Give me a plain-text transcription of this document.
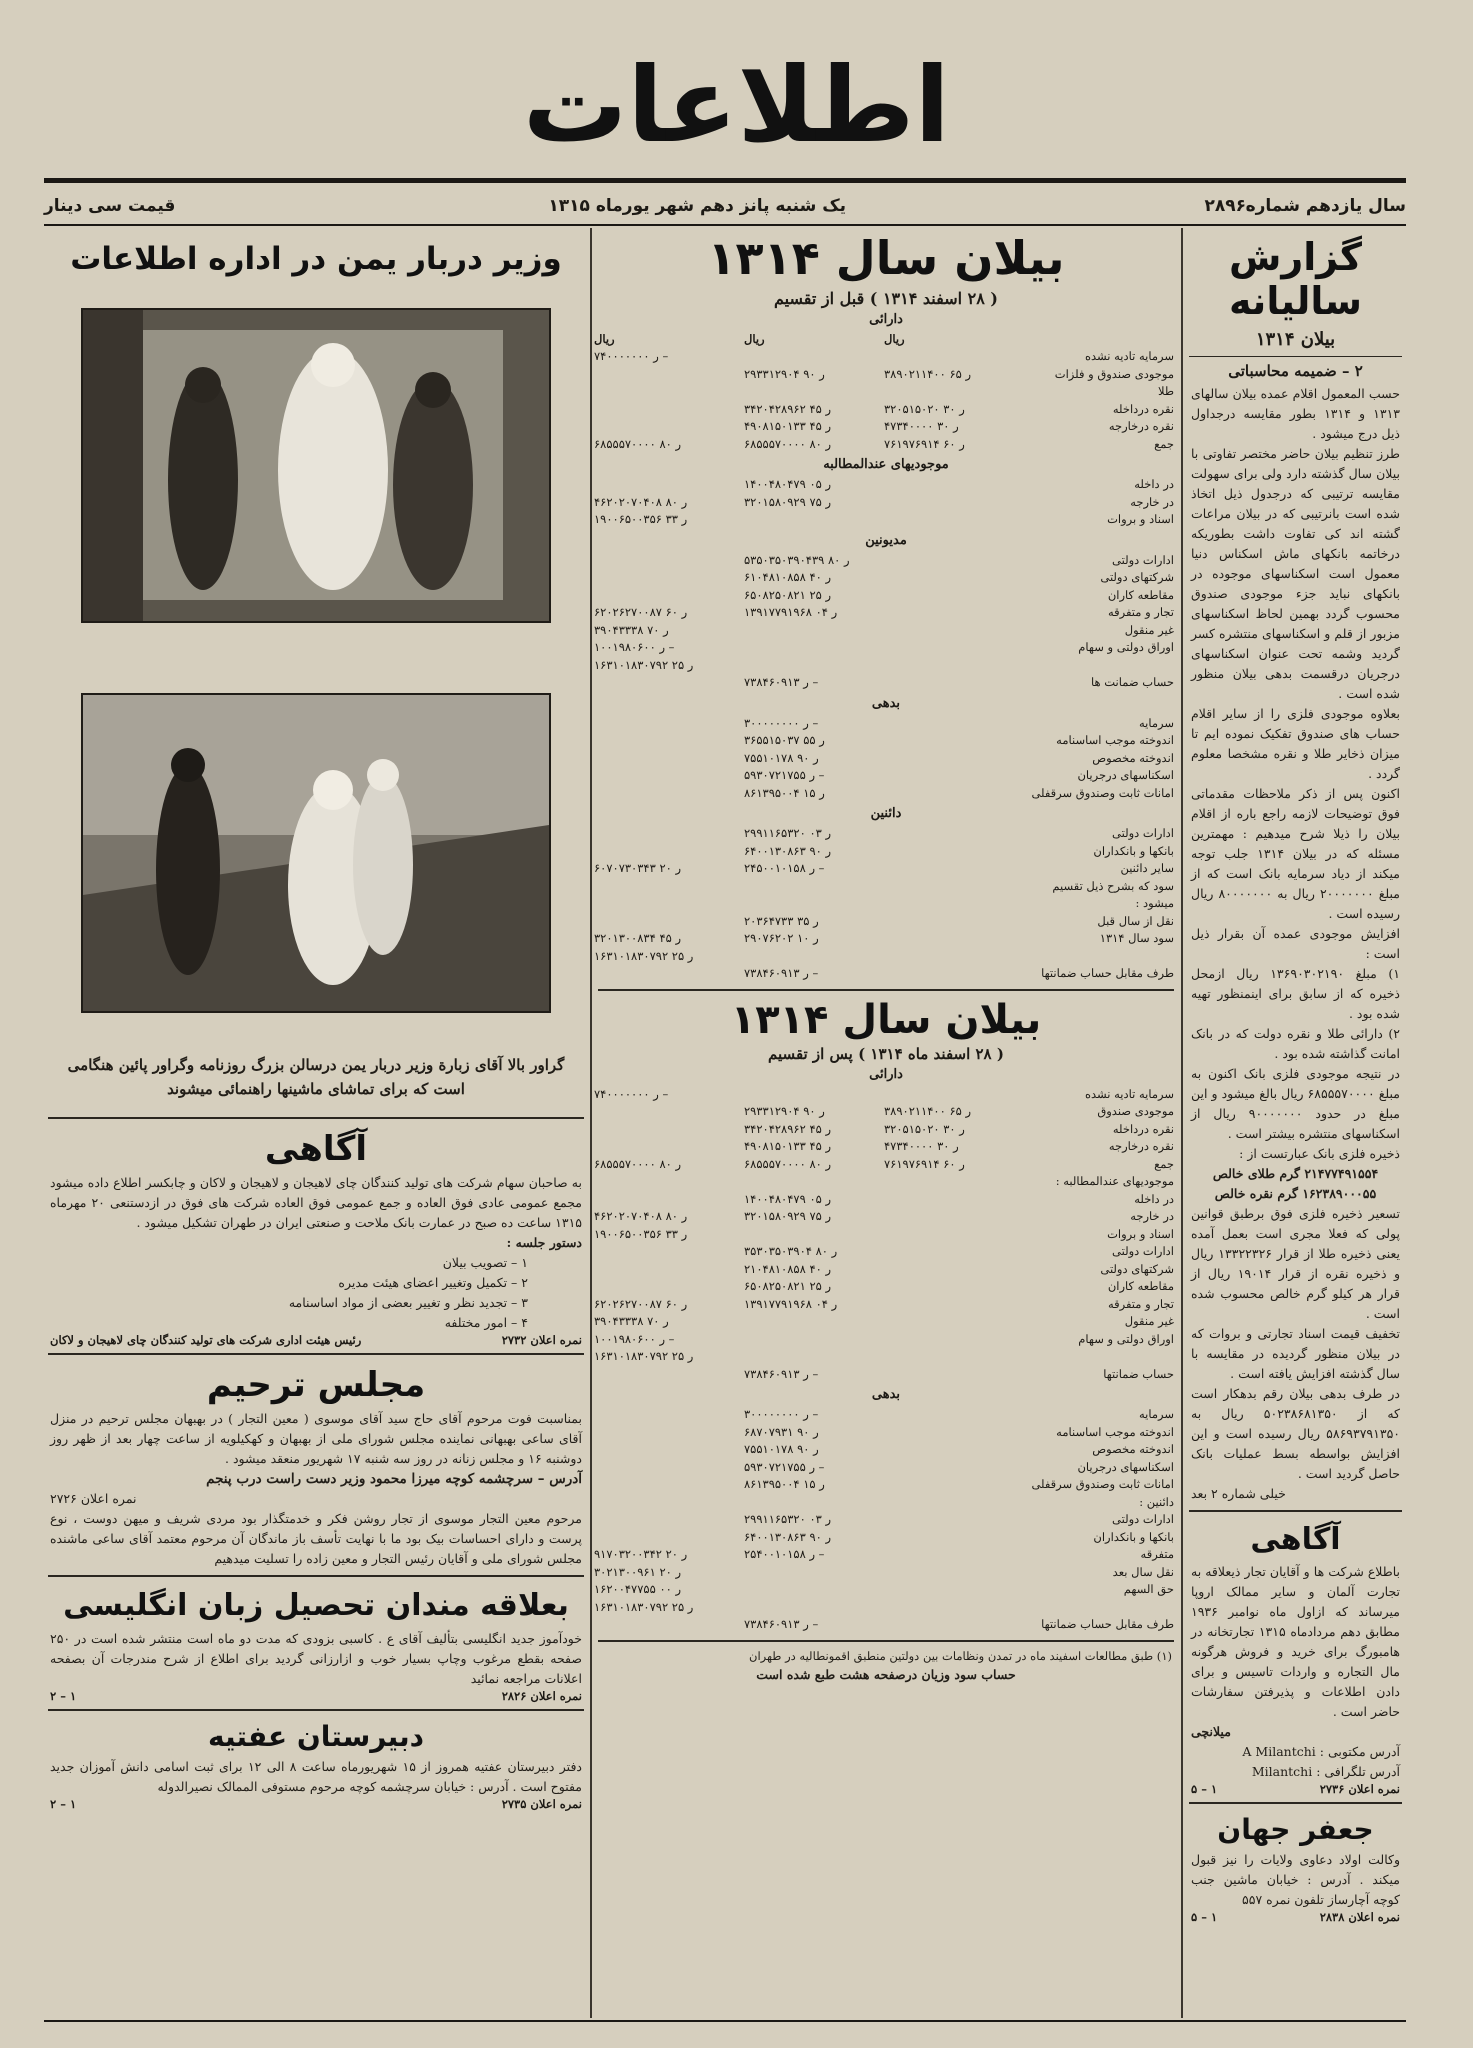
اطلاعات
سال یازدهم شماره
۲۸۹۶
یک شنبه پانز دهم شهر یورماه ۱۳۱۵
قیمت سی دینار
گزارش سالیانه
بیلان ۱۳۱۴
۲ – ضمیمه محاسباتی
حسب المعمول اقلام عمده بیلان سالهای ۱۳۱۳ و ۱۳۱۴ بطور مقایسه درجداول ذیل درج میشود .
طرز تنظیم بیلان حاضر مختصر تفاوتی با بیلان سال گذشته دارد ولی برای سهولت مقایسه ترتیبی که درجدول ذیل اتخاذ شده است بانرتیبی که در بیلان مراعات گشته اند کی تفاوت داشت بطوریکه درخاتمه بانکهای ماش اسکناس دنیا معمول است اسکناسهای موجوده در بانکهای نباید جزء موجودی صندوق محسوب گردد بهمین لحاظ اسکناسهای مزبور از قلم و اسکناسهای منتشره کسر گردید وشمه تحت عنوان اسکناسهای درجریان درقسمت بدهی بیلان منظور شده است .
بعلاوه موجودی فلزی را از سایر اقلام حساب های صندوق تفکیک نموده ایم تا میزان ذخایر طلا و نقره مشخصا معلوم گردد .
اکنون پس از ذکر ملاحظات مقدماتی فوق توضیحات لازمه راجع باره از اقلام بیلان را ذیلا شرح میدهیم : مهمترین مسئله که در بیلان ۱۳۱۴ جلب توجه میکند از دیاد سرمایه بانک است که از مبلغ ۲۰۰۰۰۰۰۰ ریال به ۸۰۰۰۰۰۰۰ ریال رسیده است .
افزایش موجودی عمده آن بقرار ذیل است :
۱) مبلغ ۱۳۶۹۰۳۰۲۱۹۰ ریال ازمحل ذخیره که از سابق برای اینمنظور تهیه شده بود .
۲) دارائی طلا و نقره دولت که در بانک امانت گذاشته شده بود .
در نتیجه موجودی فلزی بانک اکنون به مبلغ ۶۸۵۵۵۷۰۰۰۰ ریال بالغ میشود و این مبلغ در حدود ۹۰۰۰۰۰۰۰ ریال از اسکناسهای منتشره بیشتر است .
ذخیره فلزی بانک عبارتست از :
۲۱۴۷۷۴۹۱۵۵۴ گرم طلای خالص
۱۶۲۳۸۹۰۰۰۵۵ گرم نقره خالص
تسعیر ذخیره فلزی فوق برطبق قوانین پولی که فعلا مجری است بعمل آمده یعنی ذخیره طلا از قرار ۱۳۳۲۲۳۲۶ ریال و ذخیره نقره از قرار ۱۹۰۱۴ ریال از قرار هر کیلو گرم خالص محسوب شده است .
تخفیف قیمت اسناد تجارتی و بروات که در بیلان منظور گردیده در مقایسه با سال گذشته افزایش یافته است .
در طرف بدهی بیلان رقم بدهکار است که از ۵۰۲۳۸۶۸۱۳۵۰ ریال به ۵۸۶۹۳۷۹۱۳۵۰ ریال رسیده است و این افزایش بواسطه بسط عملیات بانک حاصل گردید است .
خیلی شماره ۲ بعد
آگاهی
باطلاع شرکت ها و آقایان تجار ذیعلاقه به تجارت آلمان و سایر ممالک اروپا میرساند که ازاول ماه نوامبر ۱۹۳۶ مطابق دهم مردادماه ۱۳۱۵ تجارتخانه در هامبورگ برای خرید و فروش هرگونه مال التجاره و واردات تاسیس و برای دادن اطلاعات و پذیرفتن سفارشات حاضر است .
میلانچی
آدرس مکتوبی : A Milantchi
آدرس تلگرافی : Milantchi
نمره اعلان ۲۷۳۶
۱ – ۵
جعفر جهان
وکالت اولاد دعاوی ولایات را نیز قبول میکند . آدرس : خیابان ماشین جنب کوچه آچارساز تلفون نمره ۵۵۷
نمره اعلان ۲۸۳۸
۱ – ۵
بیلان سال ۱۳۱۴
( ۲۸ اسفند ۱۳۱۴ ) قبل از تقسیم
دارائی
ریال
ریال
ریال
سرمایه تادیه نشده
۷۴۰۰۰۰۰۰۰ ر –
موجودی صندوق و فلزات
۳۸۹۰۲۱۱۴۰۰ ر ۶۵
۲۹۳۳۱۲۹۰۴ ر ۹۰
طلا
نقره درداخله
۳۲۰۵۱۵۰۲۰ ر ۳۰
۳۴۲۰۴۲۸۹۶۲ ر ۴۵
نقره درخارجه
۴۷۳۴۰۰۰۰ ر ۳۰
۴۹۰۸۱۵۰۱۳۳ ر ۴۵
جمع
۷۶۱۹۷۶۹۱۴ ر ۶۰
۶۸۵۵۵۷۰۰۰۰ ر ۸۰
۶۸۵۵۵۷۰۰۰۰ ر ۸۰
موجودیهای عندالمطالبه
در داخله
۱۴۰۰۴۸۰۴۷۹ ر ۰۵
در خارجه
۳۲۰۱۵۸۰۹۲۹ ر ۷۵
۴۶۲۰۲۰۷۰۴۰۸ ر ۸۰
اسناد و بروات
۱۹۰۰۶۵۰۰۳۵۶ ر ۳۳
مدیونین
ادارات دولتی
۵۳۵۰۳۵۰۳۹۰۴۳۹ ر ۸۰
شرکتهای دولتی
۶۱۰۴۸۱۰۸۵۸ ر ۴۰
مقاطعه کاران
۶۵۰۸۲۵۰۸۲۱ ر ۲۵
تجار و متفرقه
۱۳۹۱۷۷۹۱۹۶۸ ر ۰۴
۶۲۰۲۶۲۷۰۰۸۷ ر ۶۰
غیر منقول
۳۹۰۴۳۳۳۸ ر ۷۰
اوراق دولتی و سهام
۱۰۰۱۹۸۰۶۰۰ ر –
۱۶۳۱۰۱۸۳۰۷۹۲ ر ۲۵
حساب ضمانت ها
۷۳۸۴۶۰۹۱۳ ر –
بدهی
سرمایه
۳۰۰۰۰۰۰۰۰ ر –
اندوخته موجب اساسنامه
۳۶۵۵۱۵۰۳۷ ر ۵۵
اندوخته مخصوص
۷۵۵۱۰۱۷۸ ر ۹۰
اسکناسهای درجریان
۵۹۳۰۷۲۱۷۵۵ ر –
امانات ثابت وصندوق سرقفلی
۸۶۱۳۹۵۰۰۴ ر ۱۵
دائنین
ادارات دولتی
۲۹۹۱۱۶۵۳۲۰ ر ۰۳
بانکها و بانکداران
۶۴۰۰۱۳۰۸۶۳ ر ۹۰
سایر دائنین
۲۴۵۰۰۱۰۱۵۸ ر –
۶۰۷۰۷۳۰۳۴۳ ر ۲۰
سود که بشرح ذیل تقسیم میشود :
نقل از سال قبل
۲۰۳۶۴۷۳۳ ر ۳۵
سود سال ۱۳۱۴
۲۹۰۷۶۲۰۲ ر ۱۰
۳۲۰۱۳۰۰۸۳۴ ر ۴۵
۱۶۳۱۰۱۸۳۰۷۹۲ ر ۲۵
طرف مقابل حساب ضمانتها
۷۳۸۴۶۰۹۱۳ ر –
بیلان سال ۱۳۱۴
( ۲۸ اسفند ماه ۱۳۱۴ ) پس از تقسیم
دارائی
سرمایه تادیه نشده
۷۴۰۰۰۰۰۰۰ ر –
موجودی صندوق
۳۸۹۰۲۱۱۴۰۰ ر ۶۵
۲۹۳۳۱۲۹۰۴ ر ۹۰
نقره درداخله
۳۲۰۵۱۵۰۲۰ ر ۳۰
۳۴۲۰۴۲۸۹۶۲ ر ۴۵
نقره درخارجه
۴۷۳۴۰۰۰۰ ر ۳۰
۴۹۰۸۱۵۰۱۳۳ ر ۴۵
جمع
۷۶۱۹۷۶۹۱۴ ر ۶۰
۶۸۵۵۵۷۰۰۰۰ ر ۸۰
۶۸۵۵۵۷۰۰۰۰ ر ۸۰
موجودیهای عندالمطالبه :
در داخله
۱۴۰۰۴۸۰۴۷۹ ر ۰۵
در خارجه
۳۲۰۱۵۸۰۹۲۹ ر ۷۵
۴۶۲۰۲۰۷۰۴۰۸ ر ۸۰
اسناد و بروات
۱۹۰۰۶۵۰۰۳۵۶ ر ۳۳
ادارات دولتی
۳۵۳۰۳۵۰۳۹۰۴ ر ۸۰
شرکتهای دولتی
۲۱۰۴۸۱۰۸۵۸ ر ۴۰
مقاطعه کاران
۶۵۰۸۲۵۰۸۲۱ ر ۲۵
تجار و متفرقه
۱۳۹۱۷۷۹۱۹۶۸ ر ۰۴
۶۲۰۲۶۲۷۰۰۸۷ ر ۶۰
غیر منقول
۳۹۰۴۳۳۳۸ ر ۷۰
اوراق دولتی و سهام
۱۰۰۱۹۸۰۶۰۰ ر –
۱۶۳۱۰۱۸۳۰۷۹۲ ر ۲۵
حساب ضمانتها
۷۳۸۴۶۰۹۱۳ ر –
بدهی
سرمایه
۳۰۰۰۰۰۰۰۰ ر –
اندوخته موجب اساسنامه
۶۸۷۰۷۹۳۱ ر ۹۰
اندوخته مخصوص
۷۵۵۱۰۱۷۸ ر ۹۰
اسکناسهای درجریان
۵۹۳۰۷۲۱۷۵۵ ر –
امانات ثابت وصندوق سرقفلی
۸۶۱۳۹۵۰۰۴ ر ۱۵
دائنین :
ادارات دولتی
۲۹۹۱۱۶۵۳۲۰ ر ۰۳
بانکها و بانکداران
۶۴۰۰۱۳۰۸۶۳ ر ۹۰
متفرقه
۲۵۴۰۰۱۰۱۵۸ ر –
۹۱۷۰۳۲۰۰۳۴۲ ر ۲۰
نقل سال بعد
۳۰۲۱۳۰۰۹۶۱ ر ۲۰
حق السهم
۱۶۲۰۰۴۷۷۵۵ ر ۰۰
۱۶۳۱۰۱۸۳۰۷۹۲ ر ۲۵
طرف مقابل حساب ضمانتها
۷۳۸۴۶۰۹۱۳ ر –
(۱) طبق مطالعات اسفیند ماه در تمدن ونظامات بین دولتین منطبق اقمونطالیه در طهران
حساب سود وزیان درصفحه هشت طبع شده است
وزیر دربار یمن در اداره اطلاعات
گراور بالا آقای زبارة وزیر دربار یمن درسالن بزرگ روزنامه وگراور پائین هنگامی است که برای تماشای ماشینها راهنمائی میشوند
آگاهی
به صاحبان سهام شرکت های تولید کنندگان چای لاهیجان و لاهیجان و لاکان و چابکسر اطلاع داده میشود مجمع عمومی عادی فوق العاده و جمع عمومی فوق العاده شرکت های فوق در ازدستنعی ۲۰ مهرماه ۱۳۱۵ ساعت ده صبح در عمارت بانک ملاحت و صنعتی ایران در طهران تشکیل میشود .
دستور جلسه :
۱ – تصویب بیلان
۲ – تکمیل وتغییر اعضای هیئت مدیره
۳ – تجدید نظر و تغییر بعضی از مواد اساسنامه
۴ – امور مختلفه
نمره اعلان ۲۷۳۲
رئیس هیئت اداری شرکت های تولید کنندگان چای لاهیجان و لاکان
مجلس ترحیم
بمناسبت فوت مرحوم آقای حاج سید آقای موسوی ( معین التجار ) در بهبهان مجلس ترحیم در منزل آقای ساعی بهبهانی نماینده مجلس شورای ملی از بهبهان و کهکیلویه از ساعت چهار بعد از ظهر روز دوشنبه ۱۶ و مجلس زنانه در روز سه شنبه ۱۷ شهریور منعقد میشود .
آدرس – سرچشمه کوچه میرزا محمود وزیر دست راست درب پنجم
نمره اعلان ۲۷۲۶
مرحوم معین التجار موسوی از تجار روشن فکر و خدمتگذار بود مردی شریف و میهن دوست ، نوع پرست و دارای احساسات بیک بود ما با نهایت تأسف باز ماندگان آن مرحوم معتمد آقای ساعی ماشنده مجلس شورای ملی و آقایان رئیس التجار و معین زاده را تسلیت میدهیم
بعلاقه مندان تحصیل زبان انگلیسی
خودآموز جدید انگلیسی بتألیف آقای ع . کاسبی بزودی که مدت دو ماه است منتشر شده است در ۲۵۰ صفحه بقطع مرغوب وچاپ بسیار خوب و ازارزانی گردید برای اطلاع از شرح مندرجات آن بصفحه اعلانات مراجعه نمائید
نمره اعلان ۲۸۲۶
۱ – ۲
دبیرستان عفتیه
دفتر دبیرستان عفتیه همروز از ۱۵ شهریورماه ساعت ۸ الی ۱۲ برای ثبت اسامی دانش آموزان جدید مفتوح است . آدرس : خیابان سرچشمه کوچه مرحوم مستوفی الممالک نصیرالدوله
نمره اعلان ۲۷۳۵
۱ – ۲
